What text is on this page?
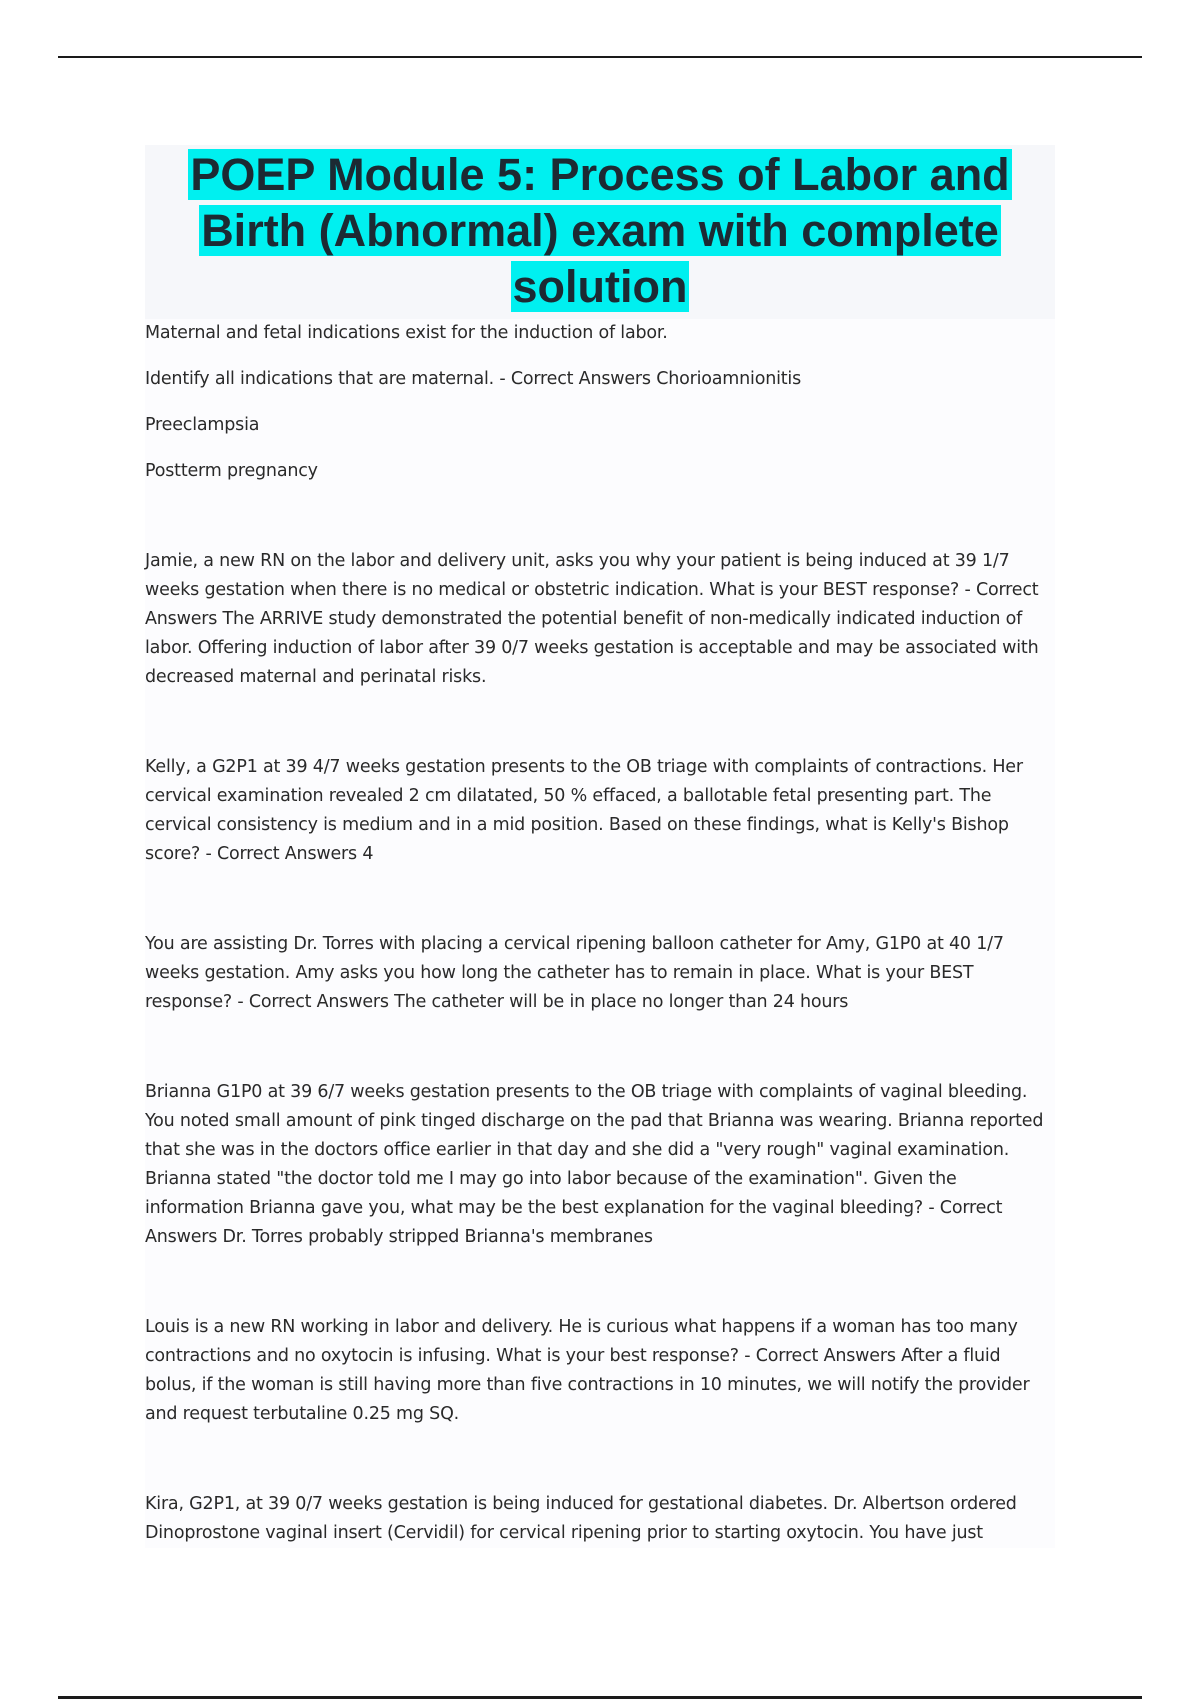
POEP Module 5: Process of Labor and Birth (Abnormal) exam with complete solution

Maternal and fetal indications exist for the induction of labor.

Identify all indications that are maternal. - Correct Answers Chorioamnionitis

Preeclampsia

Postterm pregnancy

Jamie, a new RN on the labor and delivery unit, asks you why your patient is being induced at 39 1/7 weeks gestation when there is no medical or obstetric indication. What is your BEST response? - Correct Answers The ARRIVE study demonstrated the potential benefit of non-medically indicated induction of labor. Offering induction of labor after 39 0/7 weeks gestation is acceptable and may be associated with decreased maternal and perinatal risks.

Kelly, a G2P1 at 39 4/7 weeks gestation presents to the OB triage with complaints of contractions. Her cervical examination revealed 2 cm dilatated, 50 % effaced, a ballotable fetal presenting part. The cervical consistency is medium and in a mid position. Based on these findings, what is Kelly's Bishop score? - Correct Answers 4

You are assisting Dr. Torres with placing a cervical ripening balloon catheter for Amy, G1P0 at 40 1/7 weeks gestation. Amy asks you how long the catheter has to remain in place. What is your BEST response? - Correct Answers The catheter will be in place no longer than 24 hours

Brianna G1P0 at 39 6/7 weeks gestation presents to the OB triage with complaints of vaginal bleeding. You noted small amount of pink tinged discharge on the pad that Brianna was wearing. Brianna reported that she was in the doctors office earlier in that day and she did a "very rough" vaginal examination. Brianna stated "the doctor told me I may go into labor because of the examination". Given the information Brianna gave you, what may be the best explanation for the vaginal bleeding? - Correct Answers Dr. Torres probably stripped Brianna's membranes

Louis is a new RN working in labor and delivery. He is curious what happens if a woman has too many contractions and no oxytocin is infusing. What is your best response? - Correct Answers After a fluid bolus, if the woman is still having more than five contractions in 10 minutes, we will notify the provider and request terbutaline 0.25 mg SQ.

Kira, G2P1, at 39 0/7 weeks gestation is being induced for gestational diabetes. Dr. Albertson ordered Dinoprostone vaginal insert (Cervidil) for cervical ripening prior to starting oxytocin. You have just
